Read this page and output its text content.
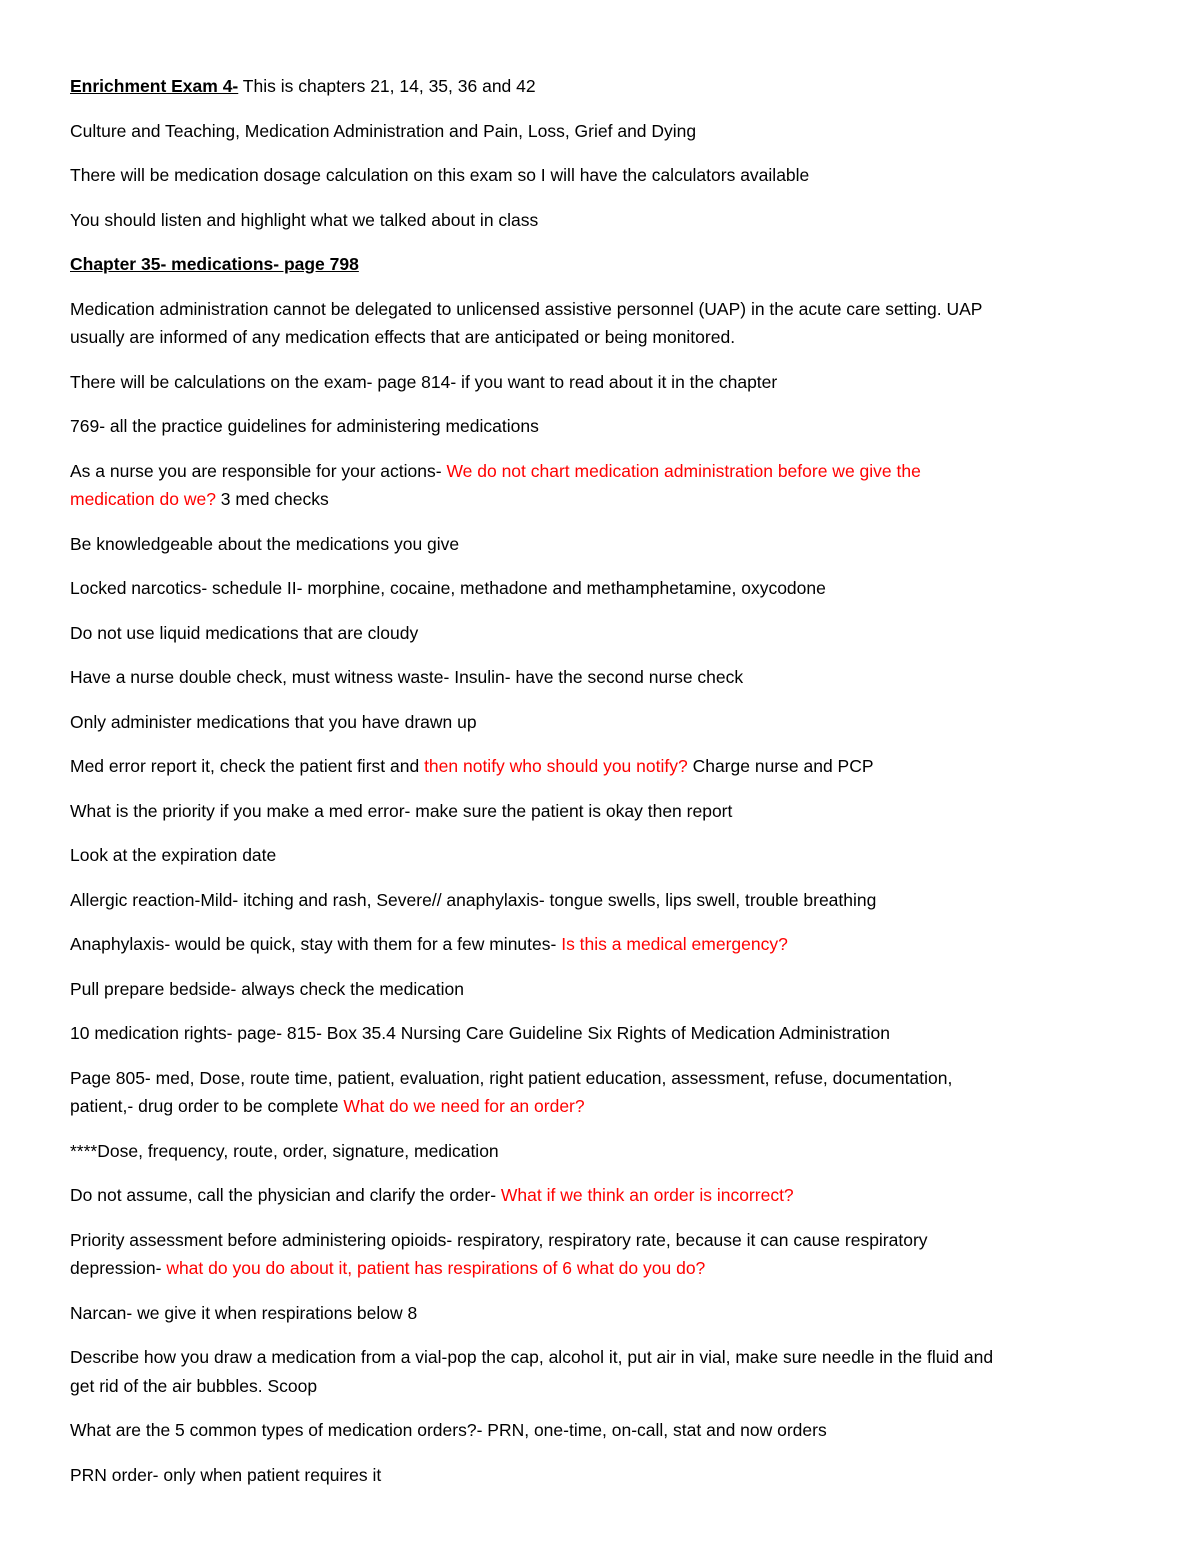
Enrichment Exam 4- This is chapters 21, 14, 35, 36 and 42

Culture and Teaching, Medication Administration and Pain, Loss, Grief and Dying

There will be medication dosage calculation on this exam so I will have the calculators available

You should listen and highlight what we talked about in class

Chapter 35- medications- page 798

Medication administration cannot be delegated to unlicensed assistive personnel (UAP) in the acute care setting. UAP
usually are informed of any medication effects that are anticipated or being monitored.

There will be calculations on the exam- page 814- if you want to read about it in the chapter

769- all the practice guidelines for administering medications

As a nurse you are responsible for your actions- We do not chart medication administration before we give the
medication do we? 3 med checks

Be knowledgeable about the medications you give

Locked narcotics- schedule II- morphine, cocaine, methadone and methamphetamine, oxycodone

Do not use liquid medications that are cloudy

Have a nurse double check, must witness waste- Insulin- have the second nurse check

Only administer medications that you have drawn up

Med error report it, check the patient first and then notify who should you notify? Charge nurse and PCP

What is the priority if you make a med error- make sure the patient is okay then report

Look at the expiration date

Allergic reaction-Mild- itching and rash, Severe// anaphylaxis- tongue swells, lips swell, trouble breathing

Anaphylaxis- would be quick, stay with them for a few minutes- Is this a medical emergency?

Pull prepare bedside- always check the medication

10 medication rights- page- 815- Box 35.4 Nursing Care Guideline Six Rights of Medication Administration

Page 805- med, Dose, route time, patient, evaluation, right patient education, assessment, refuse, documentation,
patient,- drug order to be complete What do we need for an order?

****Dose, frequency, route, order, signature, medication

Do not assume, call the physician and clarify the order- What if we think an order is incorrect?

Priority assessment before administering opioids- respiratory, respiratory rate, because it can cause respiratory
depression- what do you do about it, patient has respirations of 6 what do you do?

Narcan- we give it when respirations below 8

Describe how you draw a medication from a vial-pop the cap, alcohol it, put air in vial, make sure needle in the fluid and
get rid of the air bubbles. Scoop

What are the 5 common types of medication orders?- PRN, one-time, on-call, stat and now orders

PRN order- only when patient requires it
